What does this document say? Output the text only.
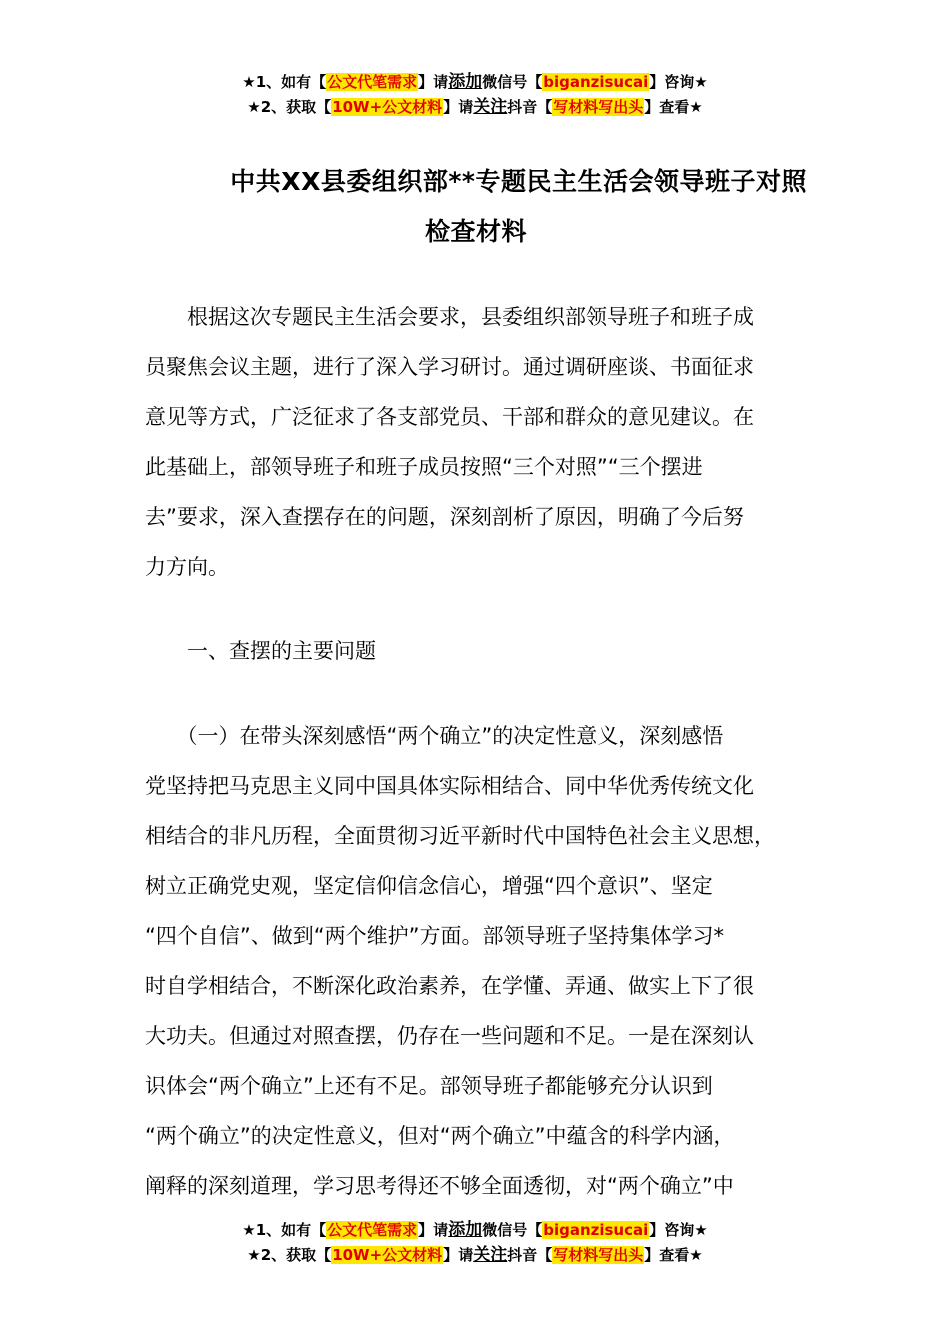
★1、如有【公文代笔需求】请添加微信号【biganzisucai】咨询★
★2、获取【10W+公文材料】请关注抖音【写材料写出头】查看★
中共XX县委组织部**专题民主生活会领导班子对照
检查材料
　　根据这次专题民主生活会要求，县委组织部领导班子和班子成
员聚焦会议主题，进行了深入学习研讨。通过调研座谈、书面征求
意见等方式，广泛征求了各支部党员、干部和群众的意见建议。在
此基础上，部领导班子和班子成员按照“三个对照”“三个摆进
去”要求，深入查摆存在的问题，深刻剖析了原因，明确了今后努
力方向。
　　一、查摆的主要问题
　　（一）在带头深刻感悟“两个确立”的决定性意义，深刻感悟
党坚持把马克思主义同中国具体实际相结合、同中华优秀传统文化
相结合的非凡历程，全面贯彻习近平新时代中国特色社会主义思想，
树立正确党史观，坚定信仰信念信心，增强“四个意识”、坚定
“四个自信”、做到“两个维护”方面。部领导班子坚持集体学习*
时自学相结合，不断深化政治素养，在学懂、弄通、做实上下了很
大功夫。但通过对照查摆，仍存在一些问题和不足。一是在深刻认
识体会“两个确立”上还有不足。部领导班子都能够充分认识到
“两个确立”的决定性意义，但对“两个确立”中蕴含的科学内涵，
阐释的深刻道理，学习思考得还不够全面透彻，对“两个确立”中
★1、如有【公文代笔需求】请添加微信号【biganzisucai】咨询★
★2、获取【10W+公文材料】请关注抖音【写材料写出头】查看★
